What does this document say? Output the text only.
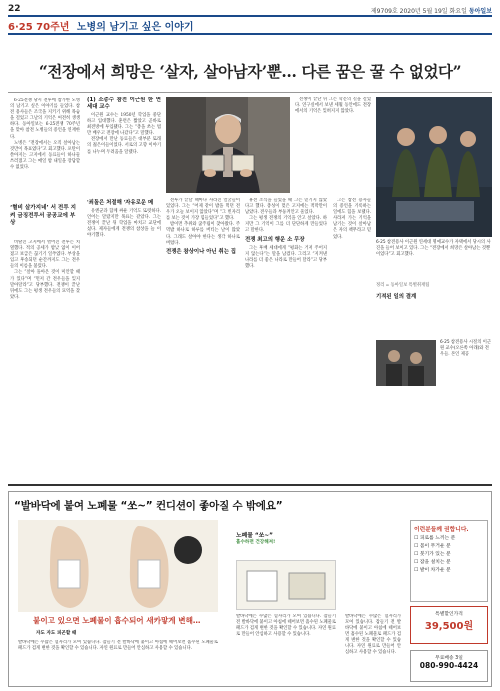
22	제9709호 2020년 5월 19일 화요일 동아일보
6·25 70주년 노병의 남기고 싶은 이야기
“전장에서 희망은 ‘살자, 살아남자’뿐… 다른 꿈은 꿀 수 없었다”

6·25전쟁 당시 전투에 참가한 노병의 남기고 싶은 이야기를 들었다. 참전 용사들은 조국을 지키기 위해 목숨을 걸었고 그날의 기억은 여전히 생생하다. 동아일보는 6·25전쟁 70주년을 맞아 참전 노병들의 증언을 연재한다.

노병은 “전장에서는 오직 살아남는 것만이 목표였다”고 회고했다. 포탄이 쏟아지는 고지에서 동료들이 하나둘 쓰러졌고 그는 매일 밤 내일을 장담할 수 없었다.

‘혈비 살가지네’ 서 전투 지켜 금징전투서 공공교에 부상

비탈진 고지에서 벌어진 전투는 치열했다. 적의 공세가 밤낮 없이 이어졌고 보급은 끊기기 일쑤였다. 부상을 입고 후송되던 순간까지도 그는 전우들의 이름을 불렀다.

그는 “살아 돌아온 것이 미안할 때가 있다”며 “먼저 간 전우들을 잊지 말아달라”고 당부했다. 전쟁이 끝난 뒤에도 그는 평생 전우들의 묘역을 찾았다.

(1) 소총수 참전 이근원 한 연세대 교수

이근원 교수는 1950년 학업을 중단하고 입대했다. 훈련은 짧았고 곧바로 최전방에 투입됐다. 그는 “총을 쏘는 법만 배우고 전장에 나갔다”고 말했다.

전장에서 만난 동료들은 대부분 또래의 젊은이들이었다. 서로의 고향 이야기를 나누며 두려움을 달랬다.

'죄돌은 처절해 '자유로운 메

유엔군과 함께 싸운 기억도 또렷하다. 언어는 달랐지만 목표는 같았다. 그는 전쟁이 끝난 뒤 학업을 마치고 교단에 섰다. 제자들에게 전쟁의 참상을 늘 이야기했다.

전투가 끝날 때마다 사라진 얼굴들이 있었다. 그는 “어제 같이 밥을 먹던 전우가 오늘 보이지 않았다”며 “그 빈자리를 보는 것이 가장 힘들었다”고 했다.

밤이면 추위와 굶주림이 찾아왔다. 주먹밥 하나로 하루를 버티는 날이 많았다. 그래도 살아야 한다는 생각 하나로 버텼다.

전쟁은 참상이나 아닌 취는 집

휴전 소식을 들었을 때 그는 믿기지 않았다고 했다. 총성이 멎은 고지에는 적막만이 남았다. 전우들과 부둥켜안고 울었다.

그는 평생 전쟁의 기억을 안고 살았다. 하지만 그 기억이 그를 더 단단하게 만들었다고 말한다.

전쟁 최고의 행운 소 무장

그는 후배 세대에게 “평화는 거저 주어지지 않는다”는 말을 남겼다. 그리고 “지켜낸 나라를 더 좋은 나라로 만들어 달라”고 당부했다.

전쟁이 끝난 뒤 그는 학문의 길을 걸었다. 연구실에서 보낸 세월 동안에도 전장에서의 기억은 잊혀지지 않았다.

그는 참전 용사들의 증언을 기록하는 일에도 힘을 보탰다. 사라져 가는 기억을 남기는 것이 살아남은 자의 책무라고 믿었다.

6·25 참전용사 이근원 연세대 명예교수가 자택에서 당시의 사진을 들어 보이고 있다. 그는 “전장에서 희망은 살아남는 것뿐이었다”고 회고했다.
정리 = 동아일보 특별취재팀
기적된 일의 결계
6·25 참전용사 시절의 이근원 교수(오른쪽 아래)와 전우들. 본인 제공
“발바닥에 붙여 노폐물 “쏘~” 컨디션이 좋아질 수 밖에요”
붙이고 있으면 노폐물이 흡수되어 새카맣게 변해…
자도 자도 피곤할 때
발바닥에는 수많은 혈자리가 모여 있습니다. 잠들기 전 발바닥에 붙이고 아침에 떼어보면 흡수된 노폐물로 패드가 검게 변한 것을 확인할 수 있습니다. 자연 원료로 만들어 안심하고 사용할 수 있습니다.
노폐물 “쏘~”
흡수하면 건강해져!
발바닥에는 수많은 혈자리가 모여 있습니다. 잠들기 전 발바닥에 붙이고 아침에 떼어보면 흡수된 노폐물로 패드가 검게 변한 것을 확인할 수 있습니다. 자연 원료로 만들어 안심하고 사용할 수 있습니다.
발바닥에는 수많은 혈자리가 모여 있습니다. 잠들기 전 발바닥에 붙이고 아침에 떼어보면 흡수된 노폐물로 패드가 검게 변한 것을 확인할 수 있습니다. 자연 원료로 만들어 안심하고 사용할 수 있습니다.
이런분들께 권합니다.
☐ 피로를 느끼는 분
☐ 몸이 무거운 분
☐ 붓기가 있는 분
☐ 잠을 설치는 분
☐ 발이 차가운 분
특별할인가격
39,500원
무료배송 3일
080-990-4424
